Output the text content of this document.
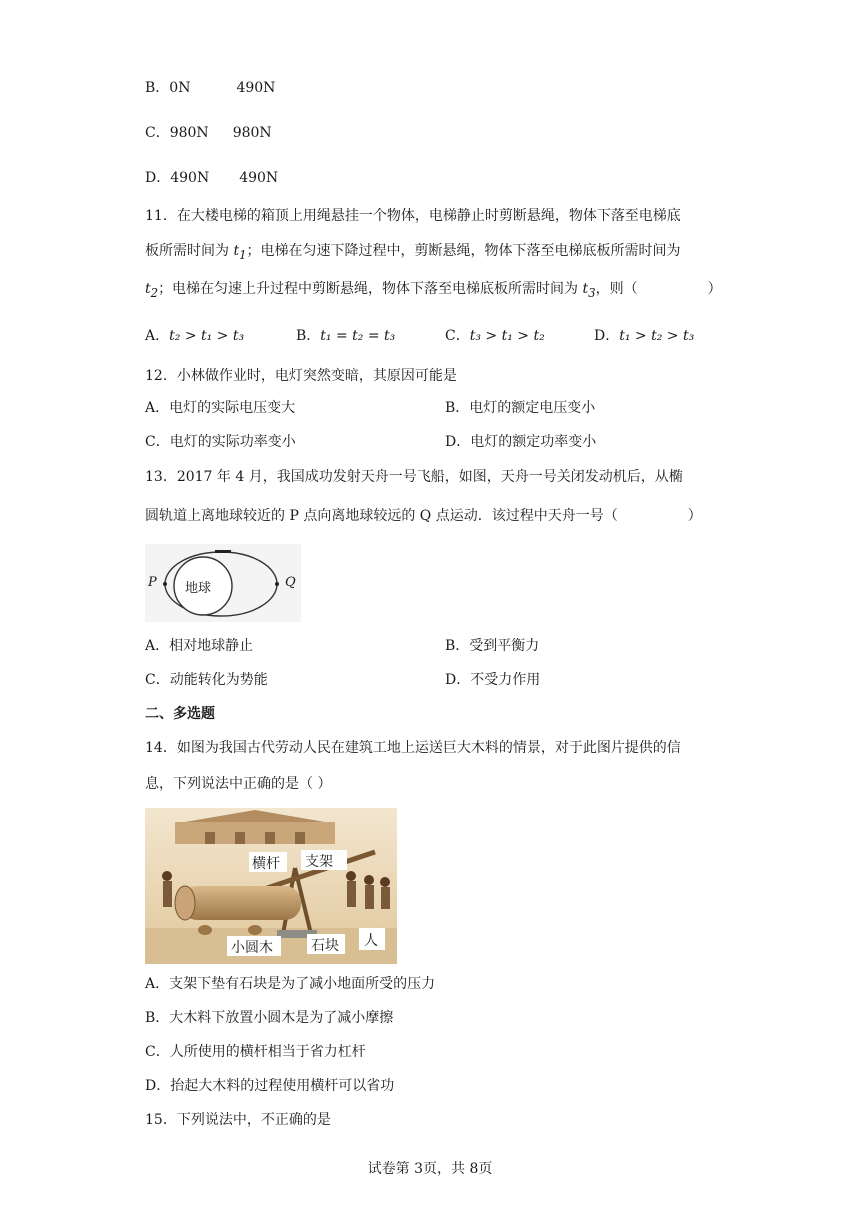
B．0N	490N
C．980N 980N
D．490N 490N
11．在大楼电梯的箱顶上用绳悬挂一个物体，电梯静止时剪断悬绳，物体下落至电梯底
板所需时间为 $t_1$；电梯在匀速下降过程中，剪断悬绳，物体下落至电梯底板所需时间为
$t_2$；电梯在匀速上升过程中剪断悬绳，物体下落至电梯底板所需时间为 $t_3$，则（	）
A．t₂ > t₁ > t₃	B．t₁ = t₂ = t₃	C．t₃ > t₁ > t₂	D．t₁ > t₂ > t₃
12．小林做作业时，电灯突然变暗，其原因可能是
A．电灯的实际电压变大	B．电灯的额定电压变小
C．电灯的实际功率变小	D．电灯的额定功率变小
13．2017 年 4 月，我国成功发射天舟一号飞船，如图，天舟一号关闭发动机后，从椭
圆轨道上离地球较近的 P 点向离地球较远的 Q 点运动．该过程中天舟一号（	）
地球
P	Q
A．相对地球静止	B．受到平衡力
C．动能转化为势能	D．不受力作用
二、多选题
14．如图为我国古代劳动人民在建筑工地上运送巨大木料的情景，对于此图片提供的信
息，下列说法中正确的是（ ）
横杆 支架
小圆木	石块 人
A．支架下垫有石块是为了减小地面所受的压力
B．大木料下放置小圆木是为了减小摩擦
C．人所使用的横杆相当于省力杠杆
D．抬起大木料的过程使用横杆可以省功
15．下列说法中，不正确的是
试卷第 3页，共 8页
